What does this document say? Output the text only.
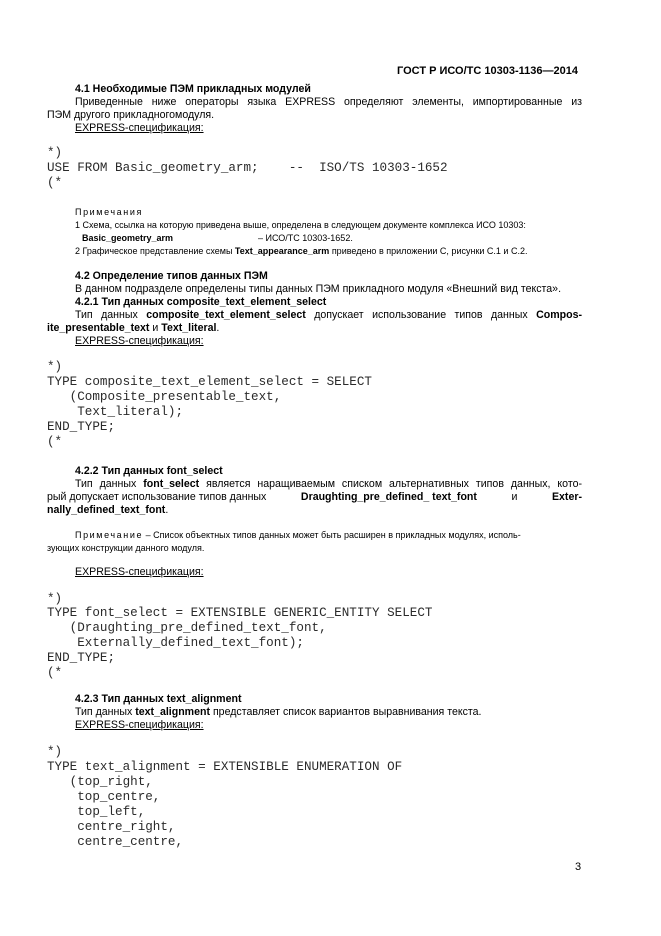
ГОСТ Р ИСО/ТС 10303-1136—2014
4.1 Необходимые ПЭМ прикладных модулей
Приведенные ниже операторы языка EXPRESS определяют элементы, импортированные из
ПЭМ другого прикладногомодуля.
EXPRESS-спецификация:
*)
USE FROM Basic_geometry_arm;    --  ISO/TS 10303-1652
(*
Примечания
1 Схема, ссылка на которую приведена выше, определена в следующем документе комплекса ИСО 10303:
Basic_geometry_arm	– ИСО/ТС 10303-1652.
2 Графическое представление схемы Text_appearance_arm приведено в приложении С, рисунки С.1 и С.2.
4.2 Определение типов данных ПЭМ
В данном подразделе определены типы данных ПЭМ прикладного модуля «Внешний вид текста».
4.2.1 Тип данных composite_text_element_select
Тип данных composite_text_element_select допускает использование типов данных Compos-
ite_presentable_text и Text_literal.
EXPRESS-спецификация:
*)
TYPE composite_text_element_select = SELECT
(Composite_presentable_text,
Text_literal);
END_TYPE;
(*
4.2.2 Тип данных font_select
Тип данных font_select является наращиваемым списком альтернативных типов данных, кото-
рый допускает использование типов данных	Draughting_pre_defined_ text_font	и	Exter-
nally_defined_text_font.
Примечание – Список объектных типов данных может быть расширен в прикладных модулях, исполь-
зующих конструкции данного модуля.
EXPRESS-спецификация:
*)
TYPE font_select = EXTENSIBLE GENERIC_ENTITY SELECT
(Draughting_pre_defined_text_font,
Externally_defined_text_font);
END_TYPE;
(*
4.2.3 Тип данных text_alignment
Тип данных text_alignment представляет список вариантов выравнивания текста.
EXPRESS-спецификация:
*)
TYPE text_alignment = EXTENSIBLE ENUMERATION OF
(top_right,
top_centre,
top_left,
centre_right,
centre_centre,
3
